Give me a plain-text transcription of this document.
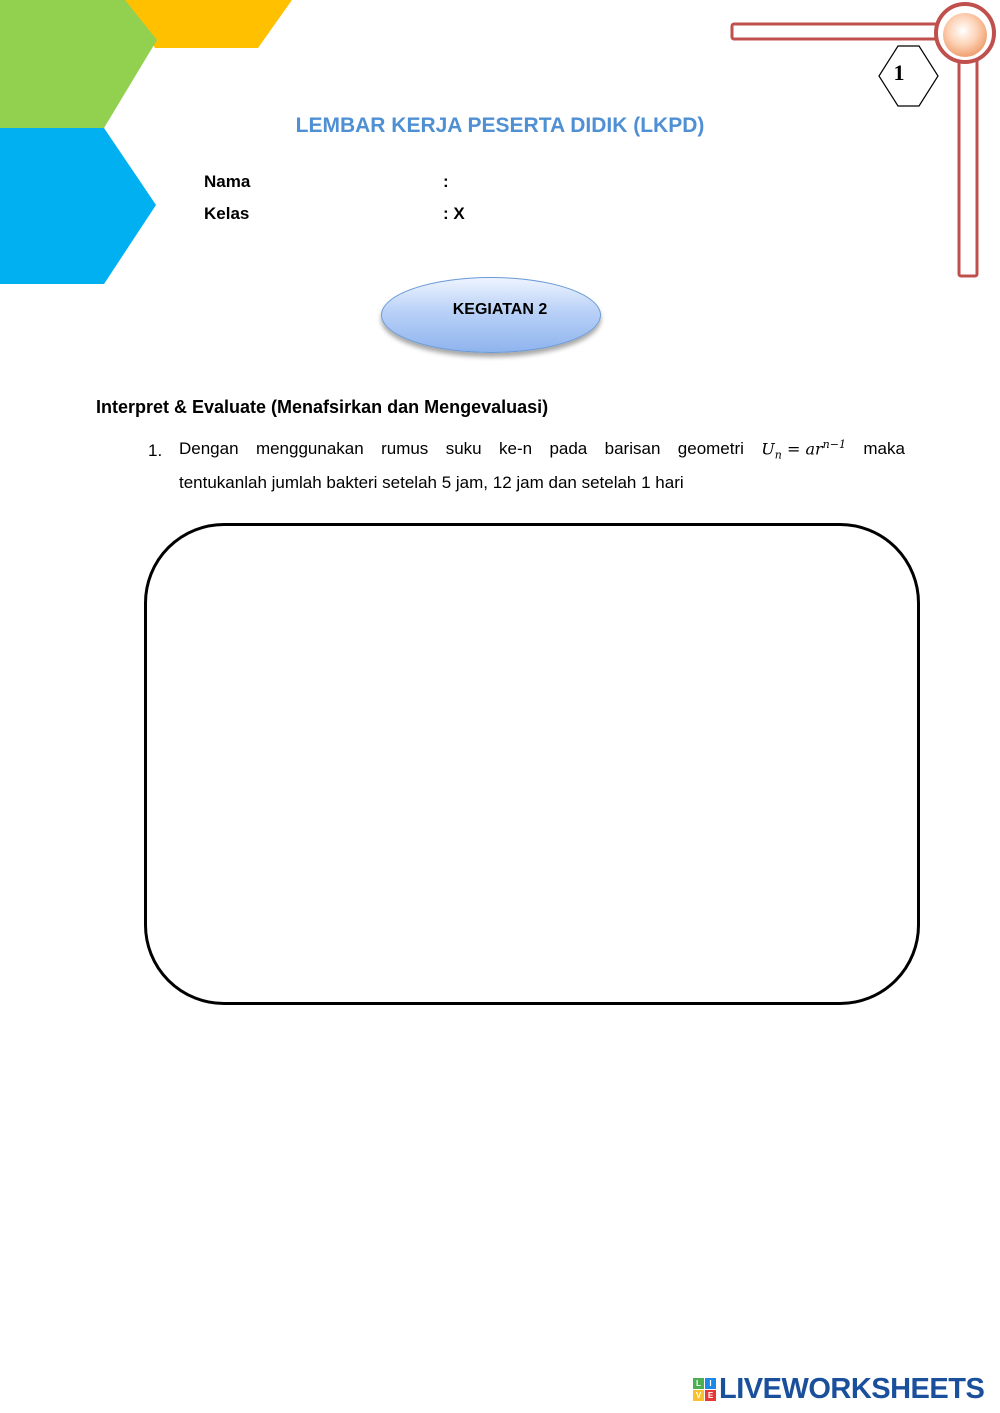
1
LEMBAR KERJA PESERTA DIDIK (LKPD)
Nama	:
Kelas	: X
KEGIATAN 2
Interpret & Evaluate (Menafsirkan dan Mengevaluasi)
1. Dengan menggunakan rumus suku ke-n pada barisan geometri $U_n = ar^{n-1}$ maka
tentukanlah jumlah bakteri setelah 5 jam, 12 jam dan setelah 1 hari
L	I
V E LIVEWORKSHEETS
